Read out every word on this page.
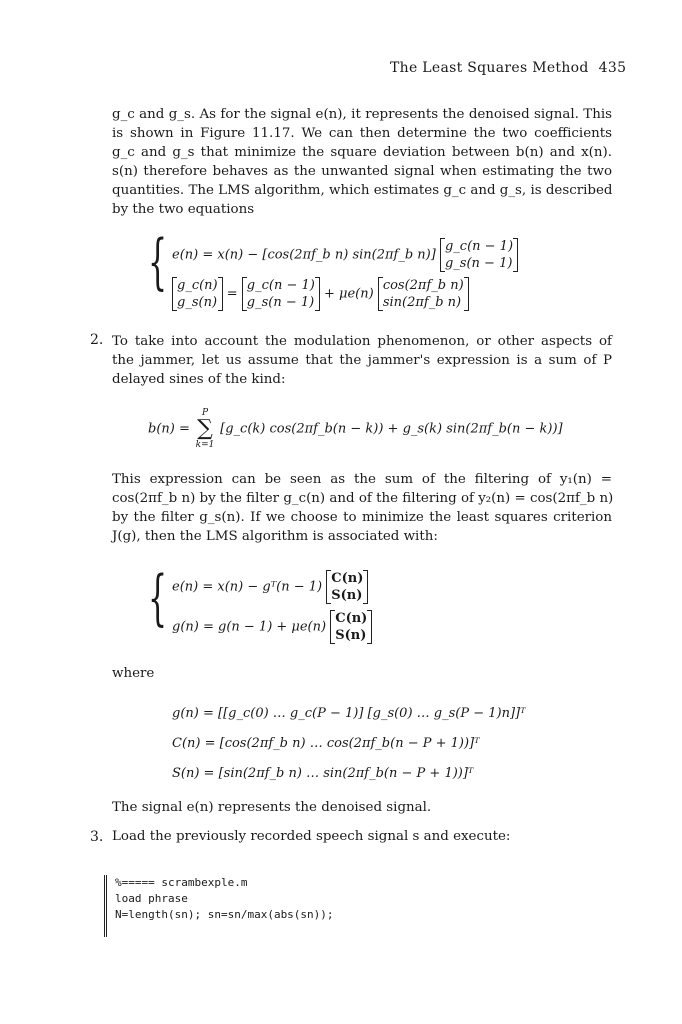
The Least Squares Method 435
g_c and g_s. As for the signal e(n), it represents the denoised signal. This
is shown in Figure 11.17. We can then determine the two coefficients
g_c and g_s that minimize the square deviation between b(n) and x(n).
s(n) therefore behaves as the unwanted signal when estimating the two
quantities. The LMS algorithm, which estimates g_c and g_s, is described
by the two equations
{ e(n) = x(n) − [cos(2πf_b n) sin(2πf_b n)]
g_c(n − 1)
g_s(n − 1)
g_c(n)
g_s(n)
=
g_c(n − 1)
g_s(n − 1)
+ μe(n)
cos(2πf_b n)
sin(2πf_b n)
2. To take into account the modulation phenomenon, or other aspects of
the jammer, let us assume that the jammer's expression is a sum of P
delayed sines of the kind:
b(n) =
P
∑
k=1
[g_c(k) cos(2πf_b(n − k)) + g_s(k) sin(2πf_b(n − k))]
This expression can be seen as the sum of the filtering of y₁(n) =
cos(2πf_b n) by the filter g_c(n) and of the filtering of y₂(n) = cos(2πf_b n)
by the filter g_s(n). If we choose to minimize the least squares criterion
J(g), then the LMS algorithm is associated with:
{ e(n) = x(n) − gᵀ(n − 1)
C(n)
S(n)
g(n) = g(n − 1) + μe(n)
C(n)
S(n)
where
g(n) = [[g_c(0) … g_c(P − 1)] [g_s(0) … g_s(P − 1)n]]ᵀ
C(n) = [cos(2πf_b n) … cos(2πf_b(n − P + 1))]ᵀ
S(n) = [sin(2πf_b n) … sin(2πf_b(n − P + 1))]ᵀ
The signal e(n) represents the denoised signal.
3. Load the previously recorded speech signal s and execute:
%===== scrambexple.m
load phrase
N=length(sn); sn=sn/max(abs(sn));
